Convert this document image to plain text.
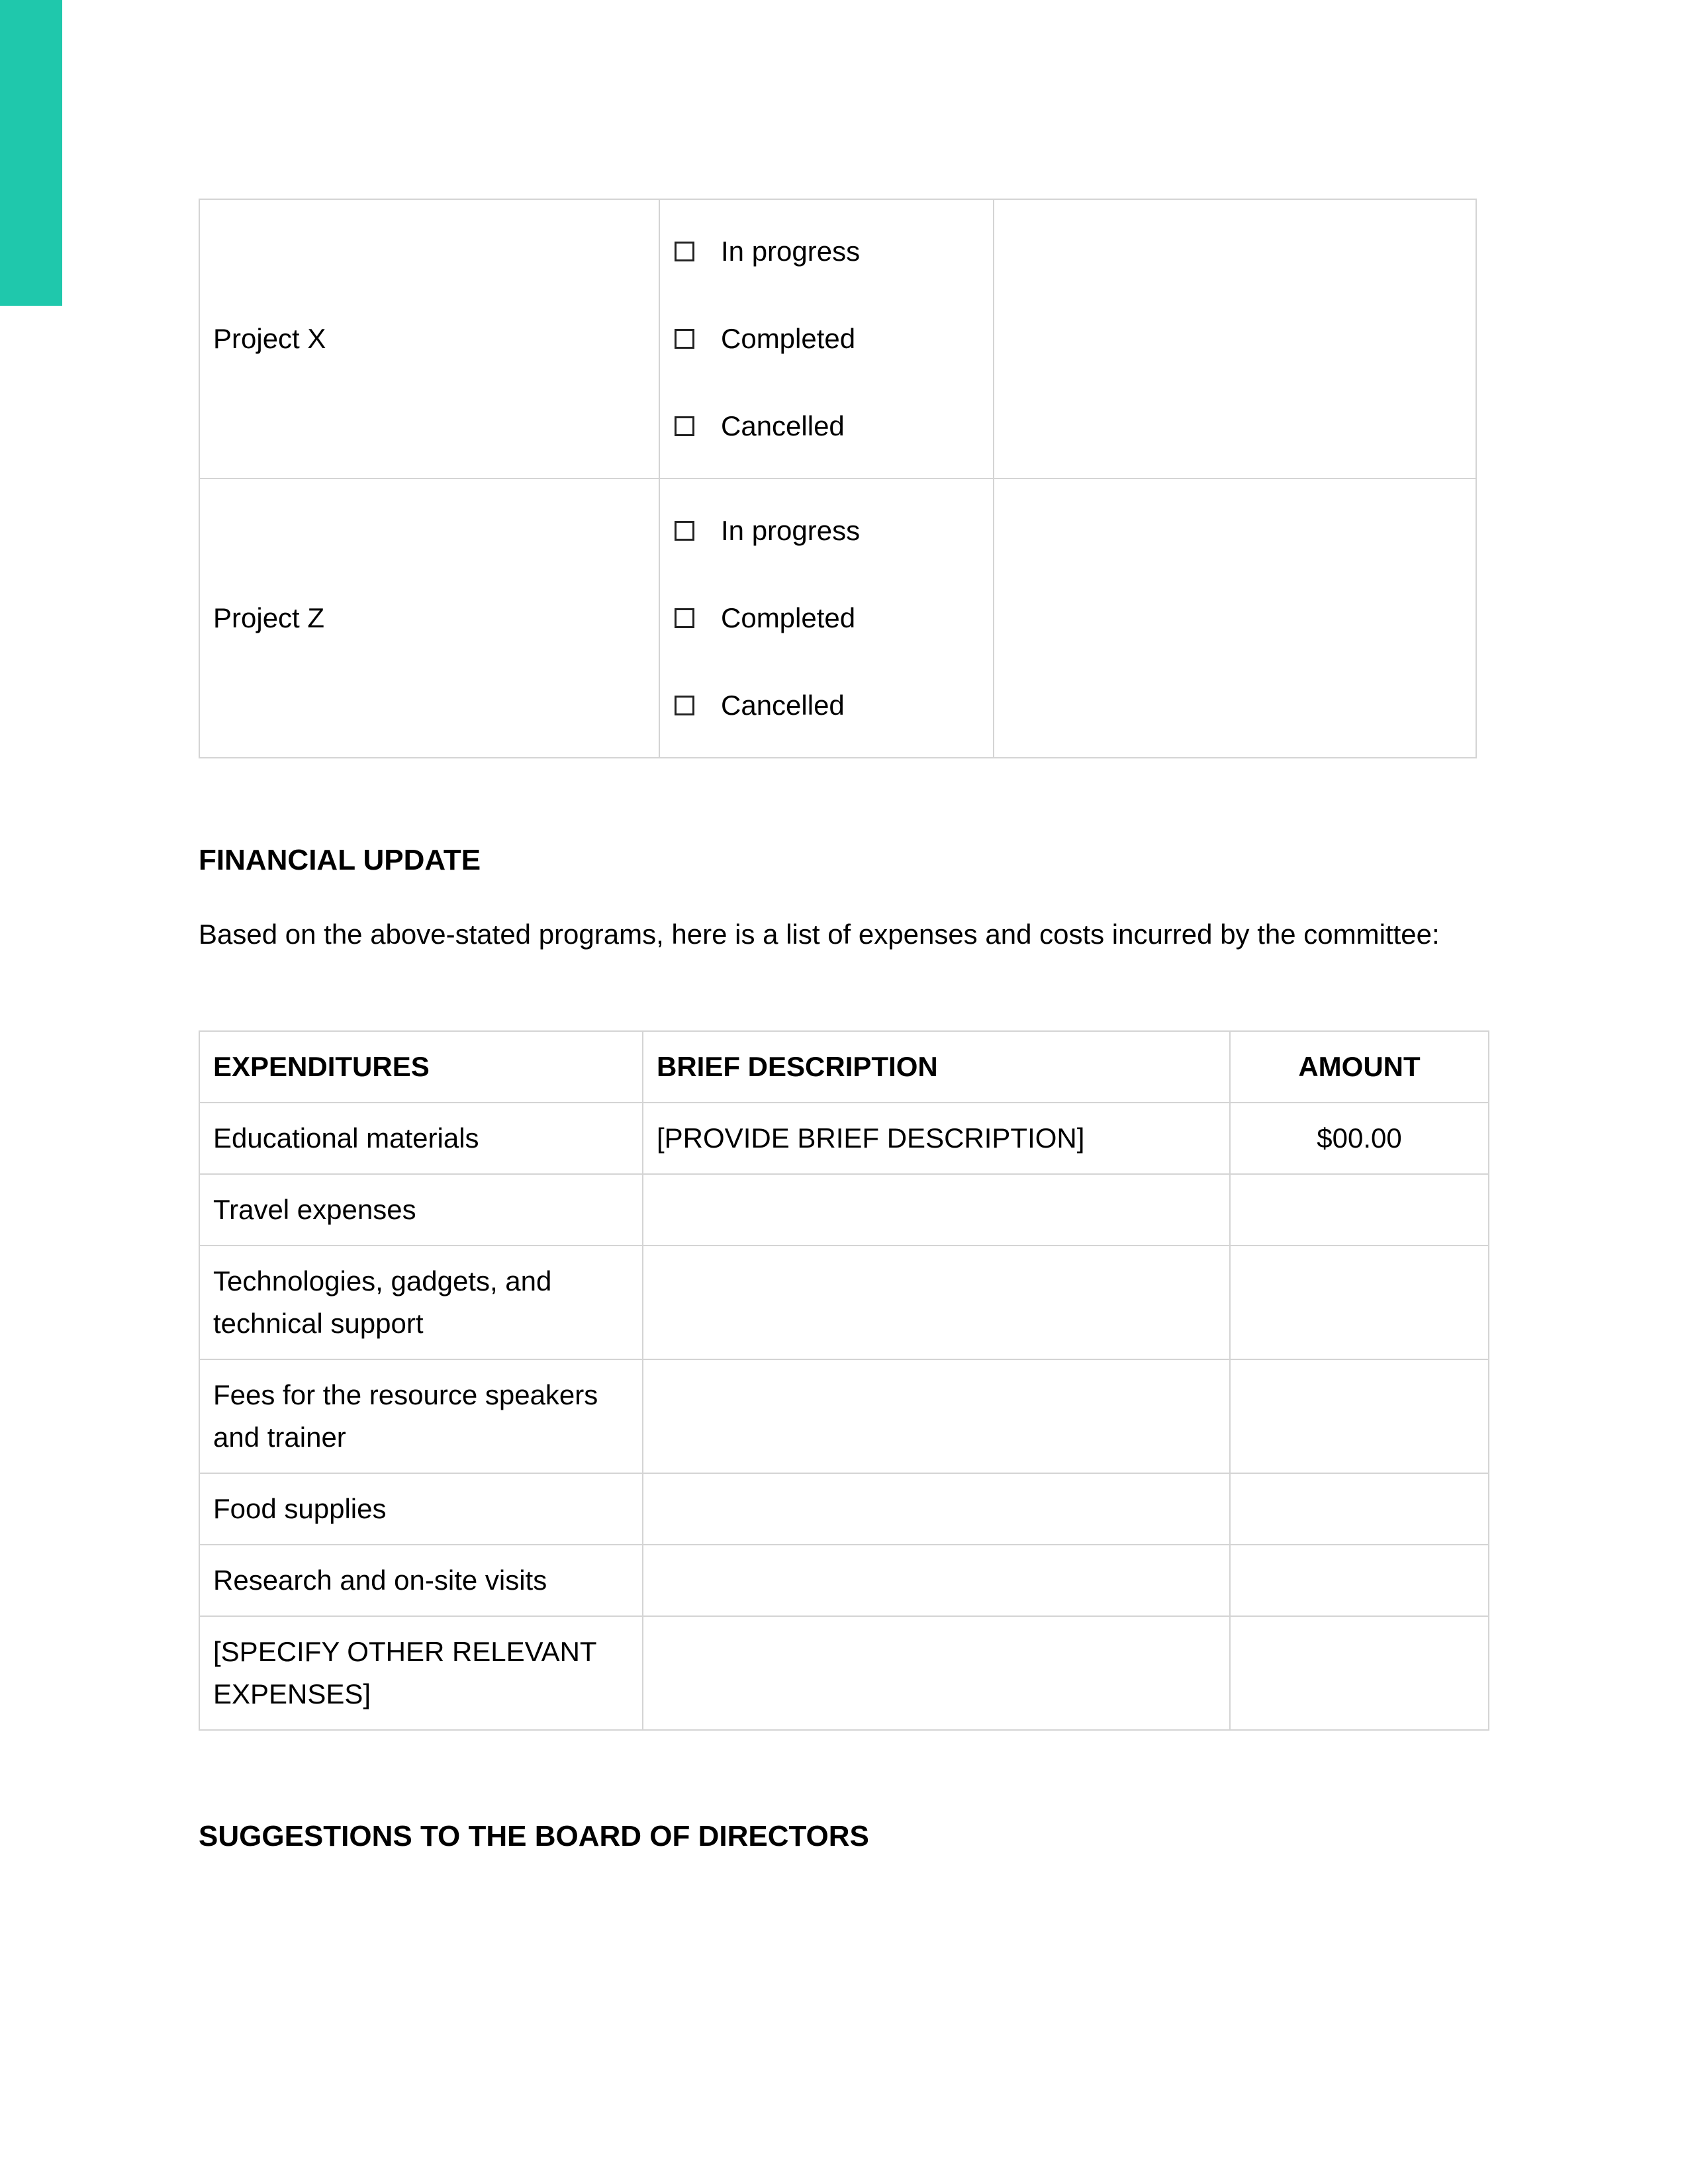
Project X	In progress
Completed
Cancelled	

Project Z	In progress
Completed
Cancelled	

FINANCIAL UPDATE

Based on the above-stated programs, here is a list of expenses and costs incurred by the committee:

EXPENDITURES	BRIEF DESCRIPTION	AMOUNT
Educational materials	[PROVIDE BRIEF DESCRIPTION]	$00.00
Travel expenses		
Technologies, gadgets, and technical support		
Fees for the resource speakers and trainer		
Food supplies		
Research and on-site visits		
[SPECIFY OTHER RELEVANT EXPENSES]		
SUGGESTIONS TO THE BOARD OF DIRECTORS
